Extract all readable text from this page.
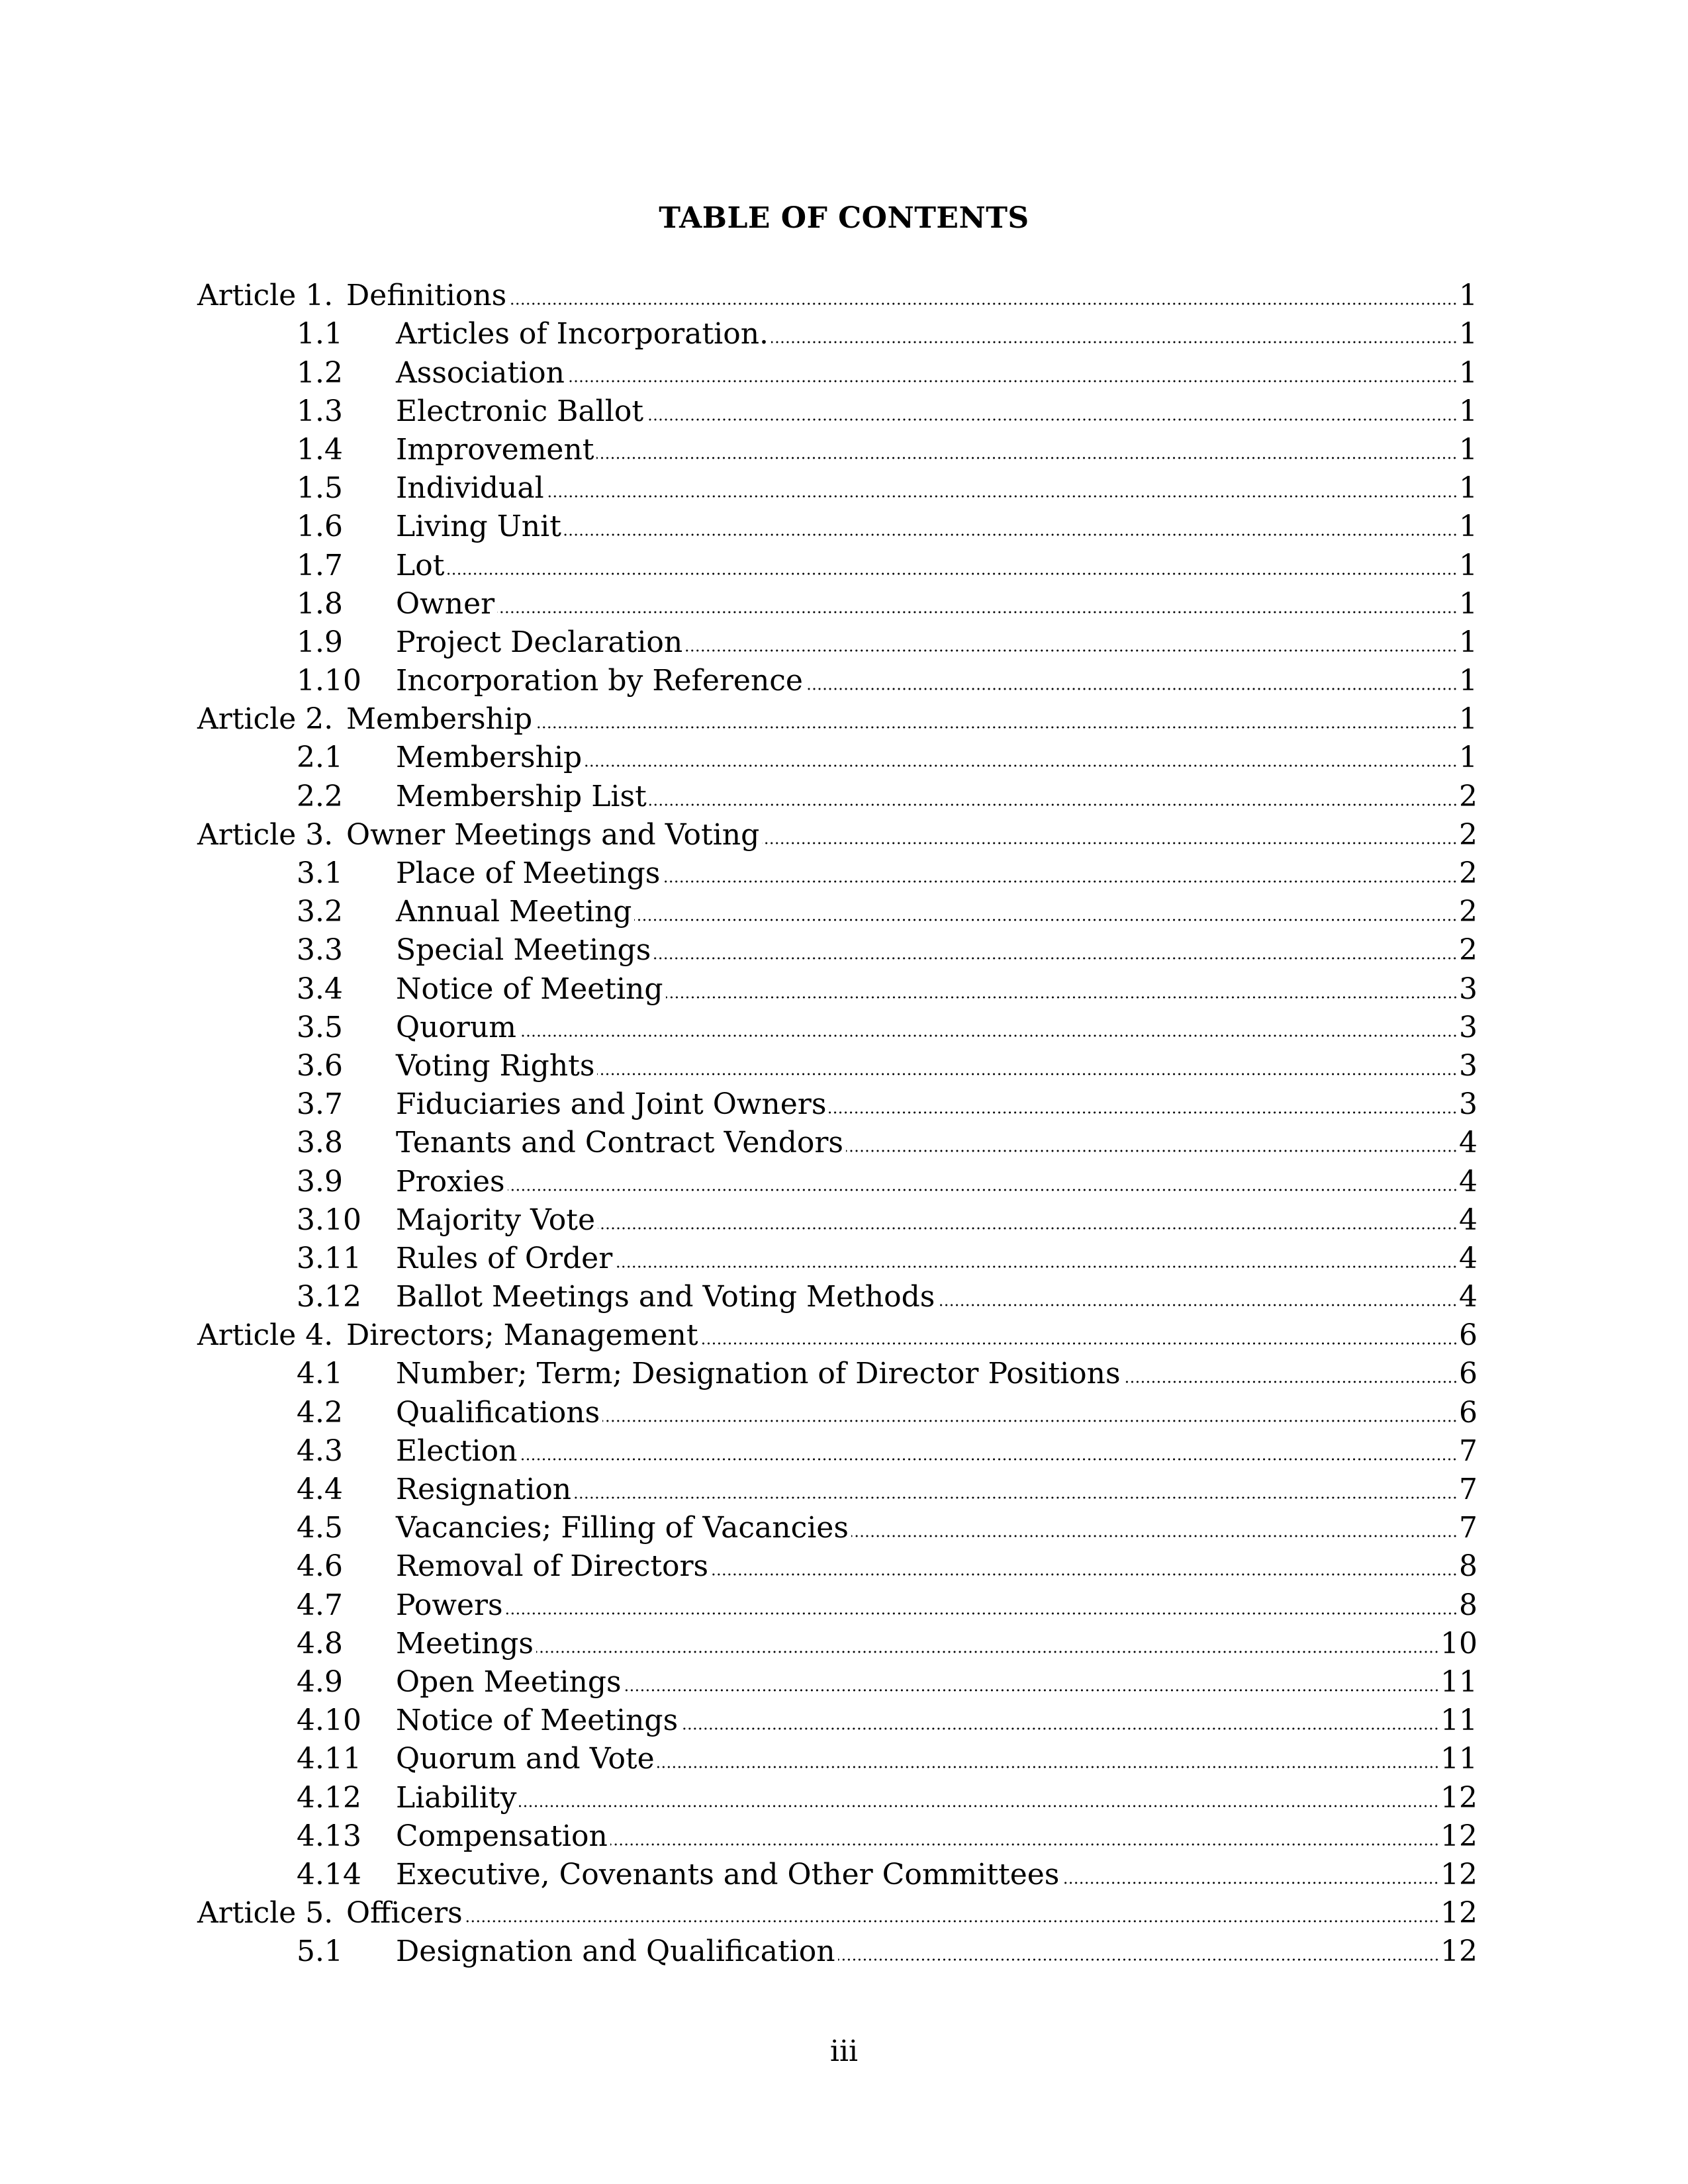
TABLE OF CONTENTS
Article 1. Definitions	1
1.1	Articles of Incorporation.	1
1.2	Association	1
1.3	Electronic Ballot	1
1.4	Improvement	1
1.5	Individual	1
1.6	Living Unit	1
1.7	Lot	1
1.8	Owner	1
1.9	Project Declaration	1
1.10	Incorporation by Reference	1
Article 2. Membership	1
2.1	Membership	1
2.2	Membership List	2
Article 3. Owner Meetings and Voting	2
3.1	Place of Meetings	2
3.2	Annual Meeting	2
3.3	Special Meetings	2
3.4	Notice of Meeting	3
3.5	Quorum	3
3.6	Voting Rights	3
3.7	Fiduciaries and Joint Owners	3
3.8	Tenants and Contract Vendors	4
3.9	Proxies	4
3.10	Majority Vote	4
3.11	Rules of Order	4
3.12	Ballot Meetings and Voting Methods	4
Article 4. Directors; Management	6
4.1	Number; Term; Designation of Director Positions	6
4.2	Qualifications	6
4.3	Election	7
4.4	Resignation	7
4.5	Vacancies; Filling of Vacancies	7
4.6	Removal of Directors	8
4.7	Powers	8
4.8	Meetings	10
4.9	Open Meetings	11
4.10	Notice of Meetings	11
4.11	Quorum and Vote	11
4.12	Liability	12
4.13	Compensation	12
4.14	Executive, Covenants and Other Committees	12
Article 5. Officers	12
5.1	Designation and Qualification	12
iii
